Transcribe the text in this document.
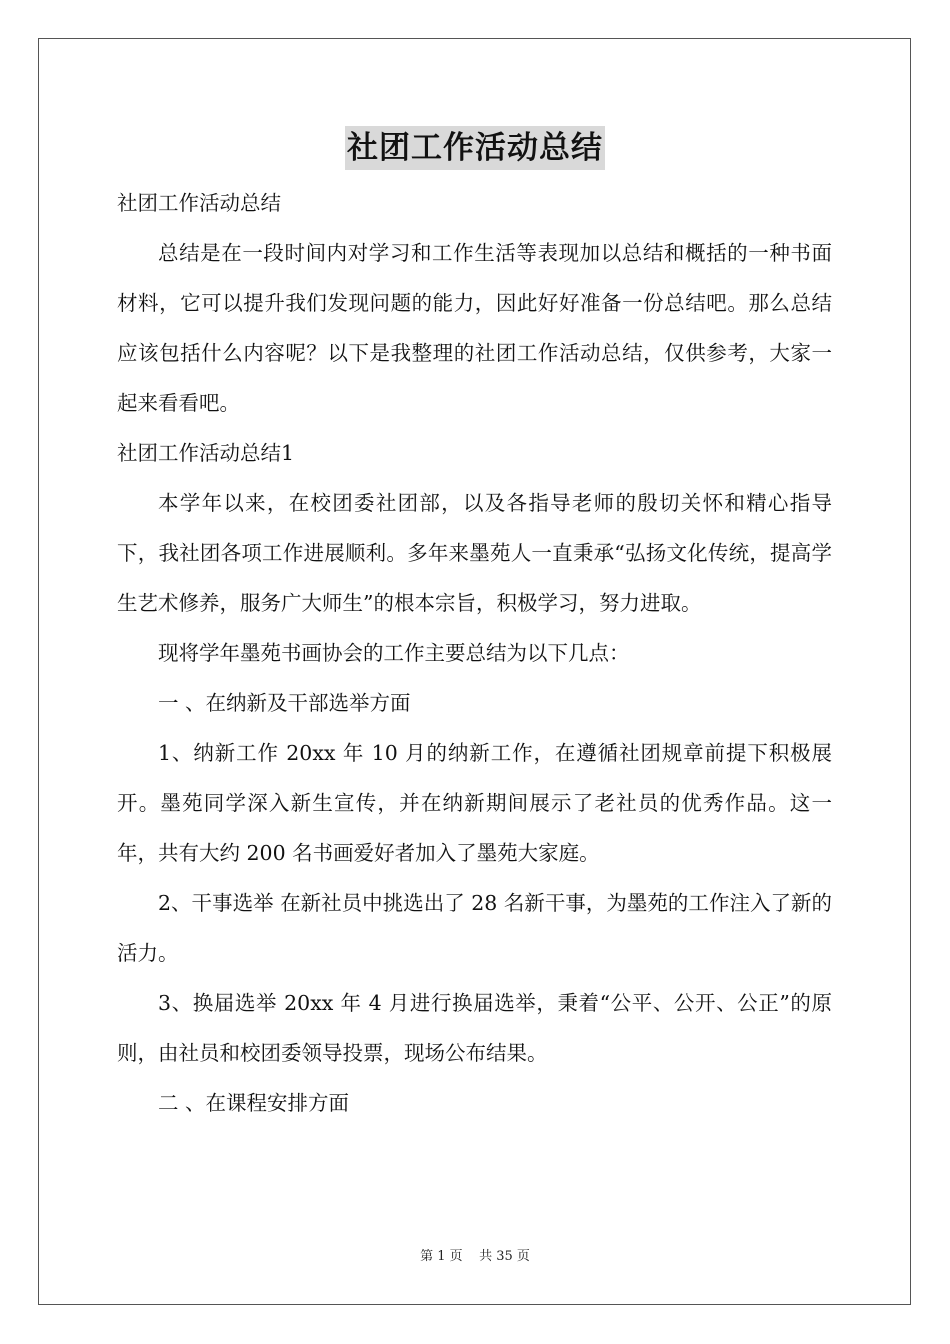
社团工作活动总结

社团工作活动总结

总结是在一段时间内对学习和工作生活等表现加以总结和概括的一种书面材料，它可以提升我们发现问题的能力，因此好好准备一份总结吧。那么总结应该包括什么内容呢？以下是我整理的社团工作活动总结，仅供参考，大家一起来看看吧。

社团工作活动总结1

本学年以来，在校团委社团部，以及各指导老师的殷切关怀和精心指导下，我社团各项工作进展顺利。多年来墨苑人一直秉承“弘扬文化传统，提高学生艺术修养，服务广大师生”的根本宗旨，积极学习，努力进取。

现将学年墨苑书画协会的工作主要总结为以下几点：

一 、在纳新及干部选举方面

1、纳新工作 20xx 年 10 月的纳新工作，在遵循社团规章前提下积极展开。墨苑同学深入新生宣传，并在纳新期间展示了老社员的优秀作品。这一年，共有大约 200 名书画爱好者加入了墨苑大家庭。

2、干事选举 在新社员中挑选出了 28 名新干事，为墨苑的工作注入了新的活力。

3、换届选举 20xx 年 4 月进行换届选举，秉着“公平、公开、公正”的原则，由社员和校团委领导投票，现场公布结果。

二 、在课程安排方面

第 1 页    共 35 页
